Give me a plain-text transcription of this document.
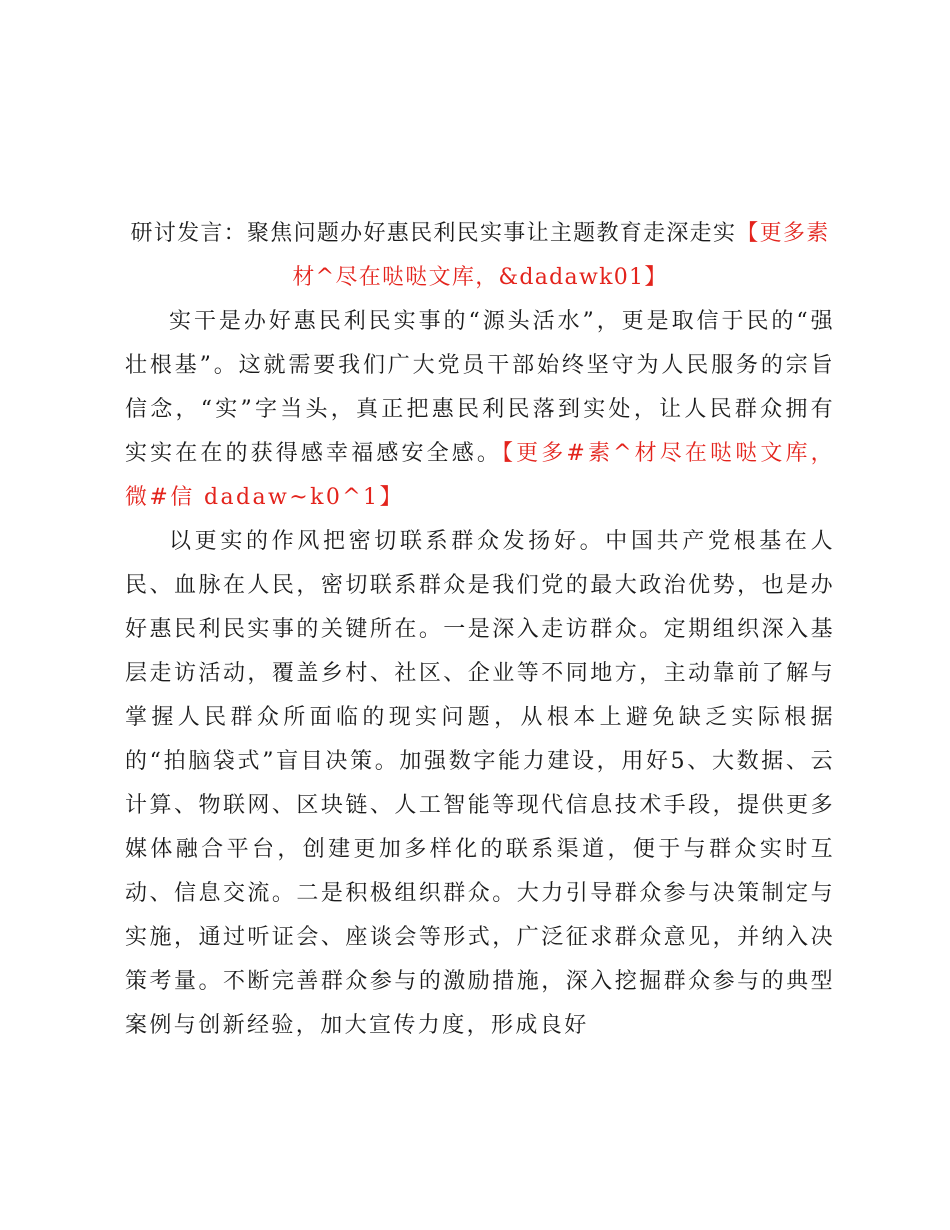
研讨发言：聚焦问题办好惠民利民实事让主题教育走深走实【更多素材^尽在哒哒文库，&dadawk01】

实干是办好惠民利民实事的“源头活水”，更是取信于民的“强壮根基”。这就需要我们广大党员干部始终坚守为人民服务的宗旨信念，“实”字当头，真正把惠民利民落到实处，让人民群众拥有实实在在的获得感幸福感安全感。【更多#素^材尽在哒哒文库，微#信 dadaw~k0^1】

以更实的作风把密切联系群众发扬好。中国共产党根基在人民、血脉在人民，密切联系群众是我们党的最大政治优势，也是办好惠民利民实事的关键所在。一是深入走访群众。定期组织深入基层走访活动，覆盖乡村、社区、企业等不同地方，主动靠前了解与掌握人民群众所面临的现实问题，从根本上避免缺乏实际根据的“拍脑袋式”盲目决策。加强数字能力建设，用好5、大数据、云计算、物联网、区块链、人工智能等现代信息技术手段，提供更多媒体融合平台，创建更加多样化的联系渠道，便于与群众实时互动、信息交流。二是积极组织群众。大力引导群众参与决策制定与实施，通过听证会、座谈会等形式，广泛征求群众意见，并纳入决策考量。不断完善群众参与的激励措施，深入挖掘群众参与的典型案例与创新经验，加大宣传力度，形成良好
